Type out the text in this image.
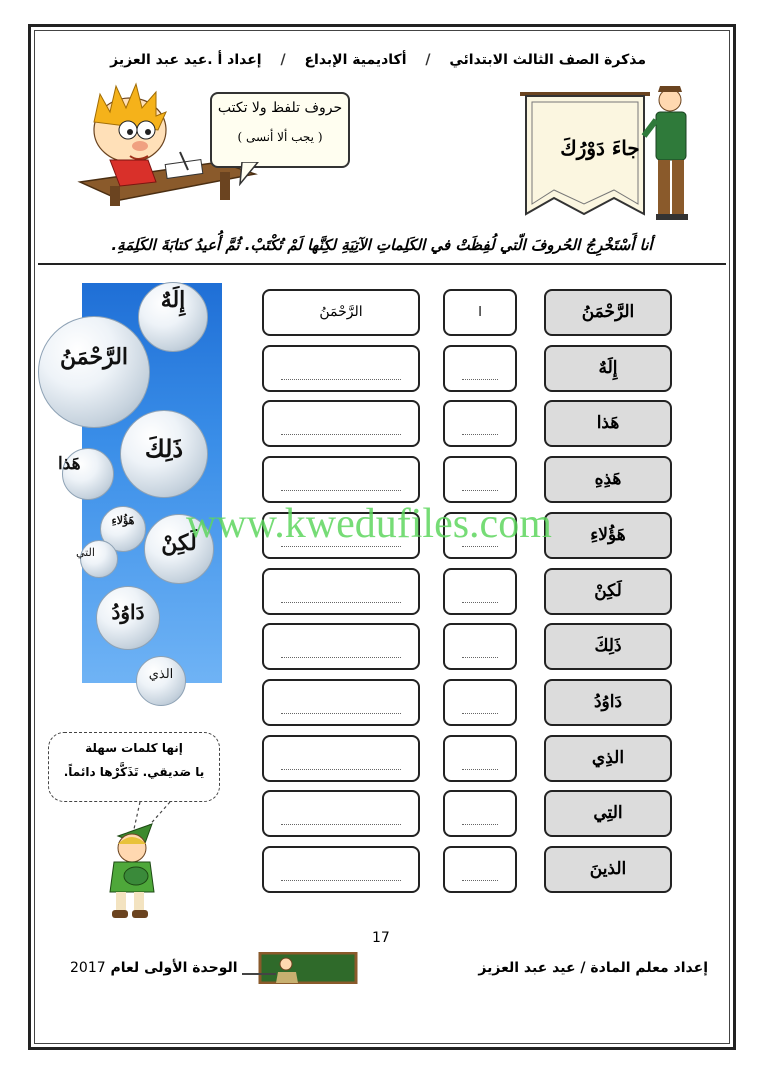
مذكرة الصف الثالث الابتدائي / أكاديمية الإبداع / إعداد أ .عيد عبد العزيز
حروف تلفظ ولا تكتب
( يجب ألا أنسى )	جاءَ دَوْرُكَ
أنا أَسْتَخْرِجُ الحُروفَ الّتي لُفِظَتْ في الكَلِماتِ الآتِيَةِ لكِنَّها لَمْ تُكْتَبْ. ثُمَّ أُعيدُ كتابَةَ الكَلِمَةِ.
الرَّحْمَنُ
ا
الرَّحْمَنُ
إِلَهٌ
هَذا
هَذِهِ
هَؤُلاءِ
لَكِنْ
ذَلِكَ
دَاوُدُ
الذِي
التِي
الذينَ
إِلَهٌ
الرَّحْمَنُ
ذَلِكَ
هَذا
هَؤُلاءِ
لَكِنْ
التي
دَاوُدُ
الذي
www.kwedufiles.com
إنها كلمات سهلة
يا صَديقي. تَذَكَّرْها دائماً.
17
إعداد معلم المادة / عيد عبد العزيز
الوحدة الأولى لعام 2017
